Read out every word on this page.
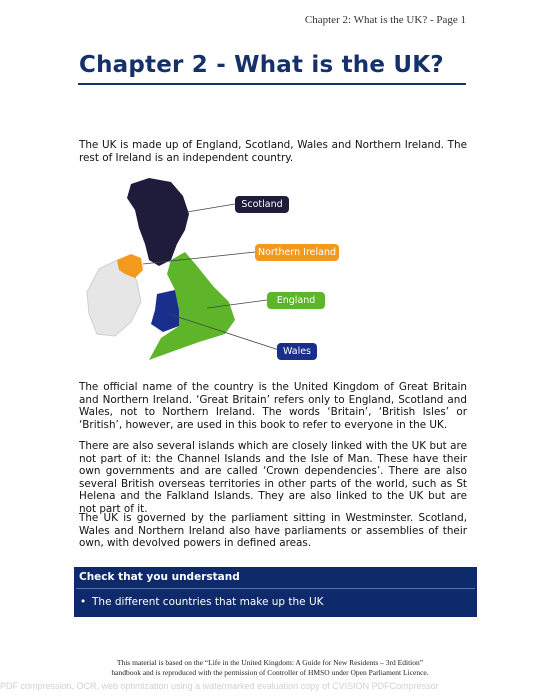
Chapter 2: What is the UK? - Page 1
Chapter 2 - What is the UK?

The UK is made up of England, Scotland, Wales and Northern Ireland. The rest of Ireland is an independent country.

Scotland
Northern Ireland
England
Wales

The official name of the country is the United Kingdom of Great Britain and Northern Ireland. ‘Great Britain’ refers only to England, Scotland and Wales, not to Northern Ireland. The words ‘Britain’, ‘British Isles’ or ‘British’, however, are used in this book to refer to everyone in the UK.

There are also several islands which are closely linked with the UK but are not part of it: the Channel Islands and the Isle of Man. These have their own governments and are called ‘Crown dependencies’. There are also several British overseas territories in other parts of the world, such as St Helena and the Falkland Islands. They are also linked to the UK but are not part of it.

The UK is governed by the parliament sitting in Westminster. Scotland, Wales and Northern Ireland also have parliaments or assemblies of their own, with devolved powers in defined areas.

Check that you understand

• The different countries that make up the UK
This material is based on the “Life in the United Kingdom: A Guide for New Residents – 3rd Edition”
handbook and is reproduced with the permission of Controller of HMSO under Open Parliament Licence.
PDF compression, OCR, web optimization using a watermarked evaluation copy of CVISION PDFCompressor
